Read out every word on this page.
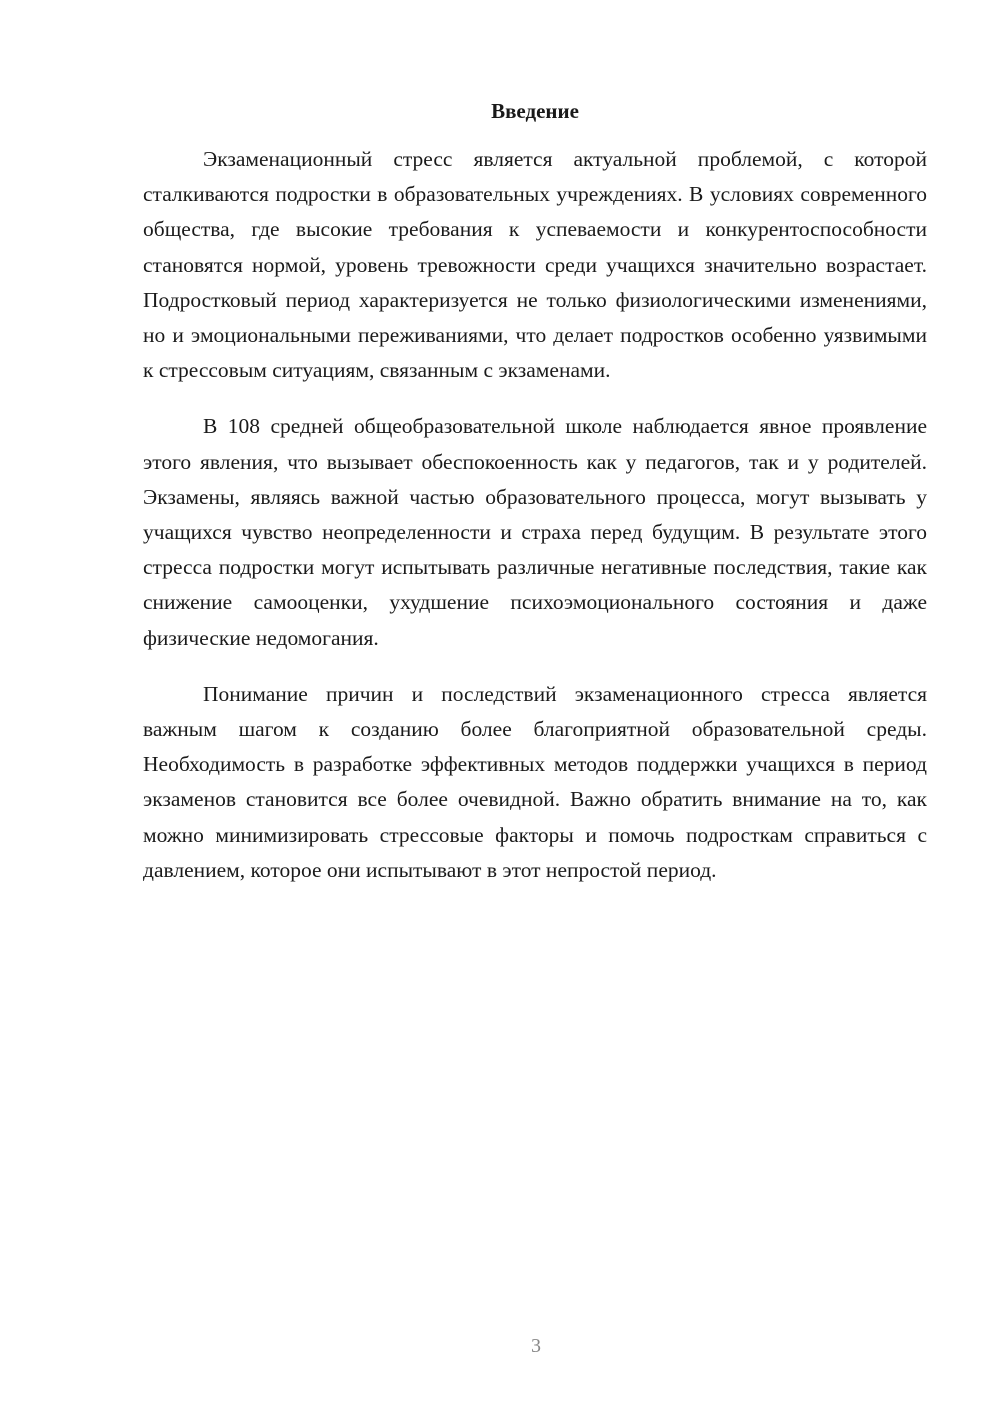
Введение

Экзаменационный стресс является актуальной проблемой, с которой сталкиваются подростки в образовательных учреждениях. В условиях современного общества, где высокие требования к успеваемости и конкурентоспособности становятся нормой, уровень тревожности среди учащихся значительно возрастает. Подростковый период характеризуется не только физиологическими изменениями, но и эмоциональными переживаниями, что делает подростков особенно уязвимыми к стрессовым ситуациям, связанным с экзаменами.

В 108 средней общеобразовательной школе наблюдается явное проявление этого явления, что вызывает обеспокоенность как у педагогов, так и у родителей. Экзамены, являясь важной частью образовательного процесса, могут вызывать у учащихся чувство неопределенности и страха перед будущим. В результате этого стресса подростки могут испытывать различные негативные последствия, такие как снижение самооценки, ухудшение психоэмоционального состояния и даже физические недомогания.

Понимание причин и последствий экзаменационного стресса является важным шагом к созданию более благоприятной образовательной среды. Необходимость в разработке эффективных методов поддержки учащихся в период экзаменов становится все более очевидной. Важно обратить внимание на то, как можно минимизировать стрессовые факторы и помочь подросткам справиться с давлением, которое они испытывают в этот непростой период.

3
